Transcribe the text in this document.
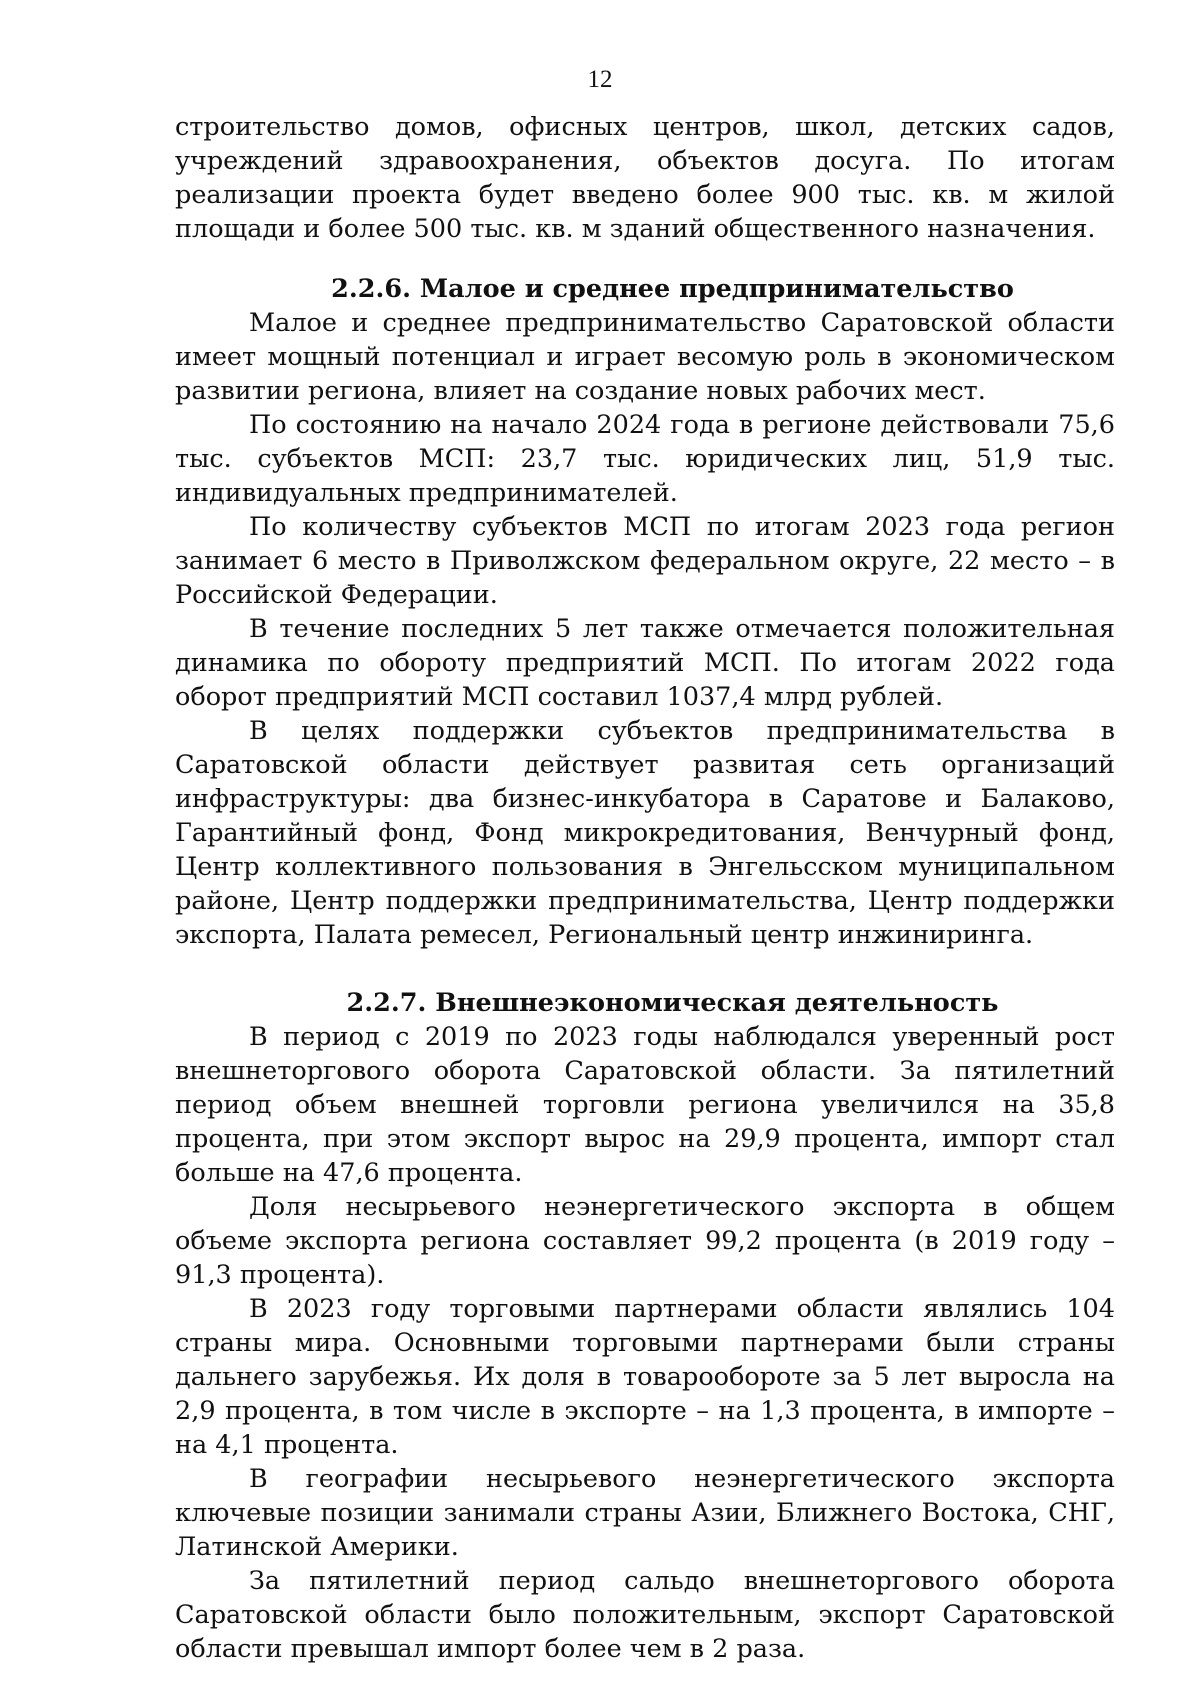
12

строительство домов, офисных центров, школ, детских садов, учреждений здравоохранения, объектов досуга. По итогам реализации проекта будет введено более 900 тыс. кв. м жилой площади и более 500 тыс. кв. м зданий общественного назначения.

2.2.6. Малое и среднее предпринимательство

Малое и среднее предпринимательство Саратовской области имеет мощный потенциал и играет весомую роль в экономическом развитии региона, влияет на создание новых рабочих мест.

По состоянию на начало 2024 года в регионе действовали 75,6 тыс. субъектов МСП: 23,7 тыс. юридических лиц, 51,9 тыс. индивидуальных предпринимателей.

По количеству субъектов МСП по итогам 2023 года регион занимает 6 место в Приволжском федеральном округе, 22 место – в Российской Федерации.

В течение последних 5 лет также отмечается положительная динамика по обороту предприятий МСП. По итогам 2022 года оборот предприятий МСП составил 1037,4 млрд рублей.

В целях поддержки субъектов предпринимательства в Саратовской области действует развитая сеть организаций инфраструктуры: два бизнес-инкубатора в Саратове и Балаково, Гарантийный фонд, Фонд микрокредитования, Венчурный фонд, Центр коллективного пользования в Энгельсском муниципальном районе, Центр поддержки предпринимательства, Центр поддержки экспорта, Палата ремесел, Региональный центр инжиниринга.

2.2.7. Внешнеэкономическая деятельность

В период с 2019 по 2023 годы наблюдался уверенный рост внешнеторгового оборота Саратовской области. За пятилетний период объем внешней торговли региона увеличился на 35,8 процента, при этом экспорт вырос на 29,9 процента, импорт стал больше на 47,6 процента.

Доля несырьевого неэнергетического экспорта в общем объеме экспорта региона составляет 99,2 процента (в 2019 году – 91,3 процента).

В 2023 году торговыми партнерами области являлись 104 страны мира. Основными торговыми партнерами были страны дальнего зарубежья. Их доля в товарообороте за 5 лет выросла на 2,9 процента, в том числе в экспорте – на 1,3 процента, в импорте – на 4,1 процента.

В географии несырьевого неэнергетического экспорта ключевые позиции занимали страны Азии, Ближнего Востока, СНГ, Латинской Америки.

За пятилетний период сальдо внешнеторгового оборота Саратовской области было положительным, экспорт Саратовской области превышал импорт более чем в 2 раза.
